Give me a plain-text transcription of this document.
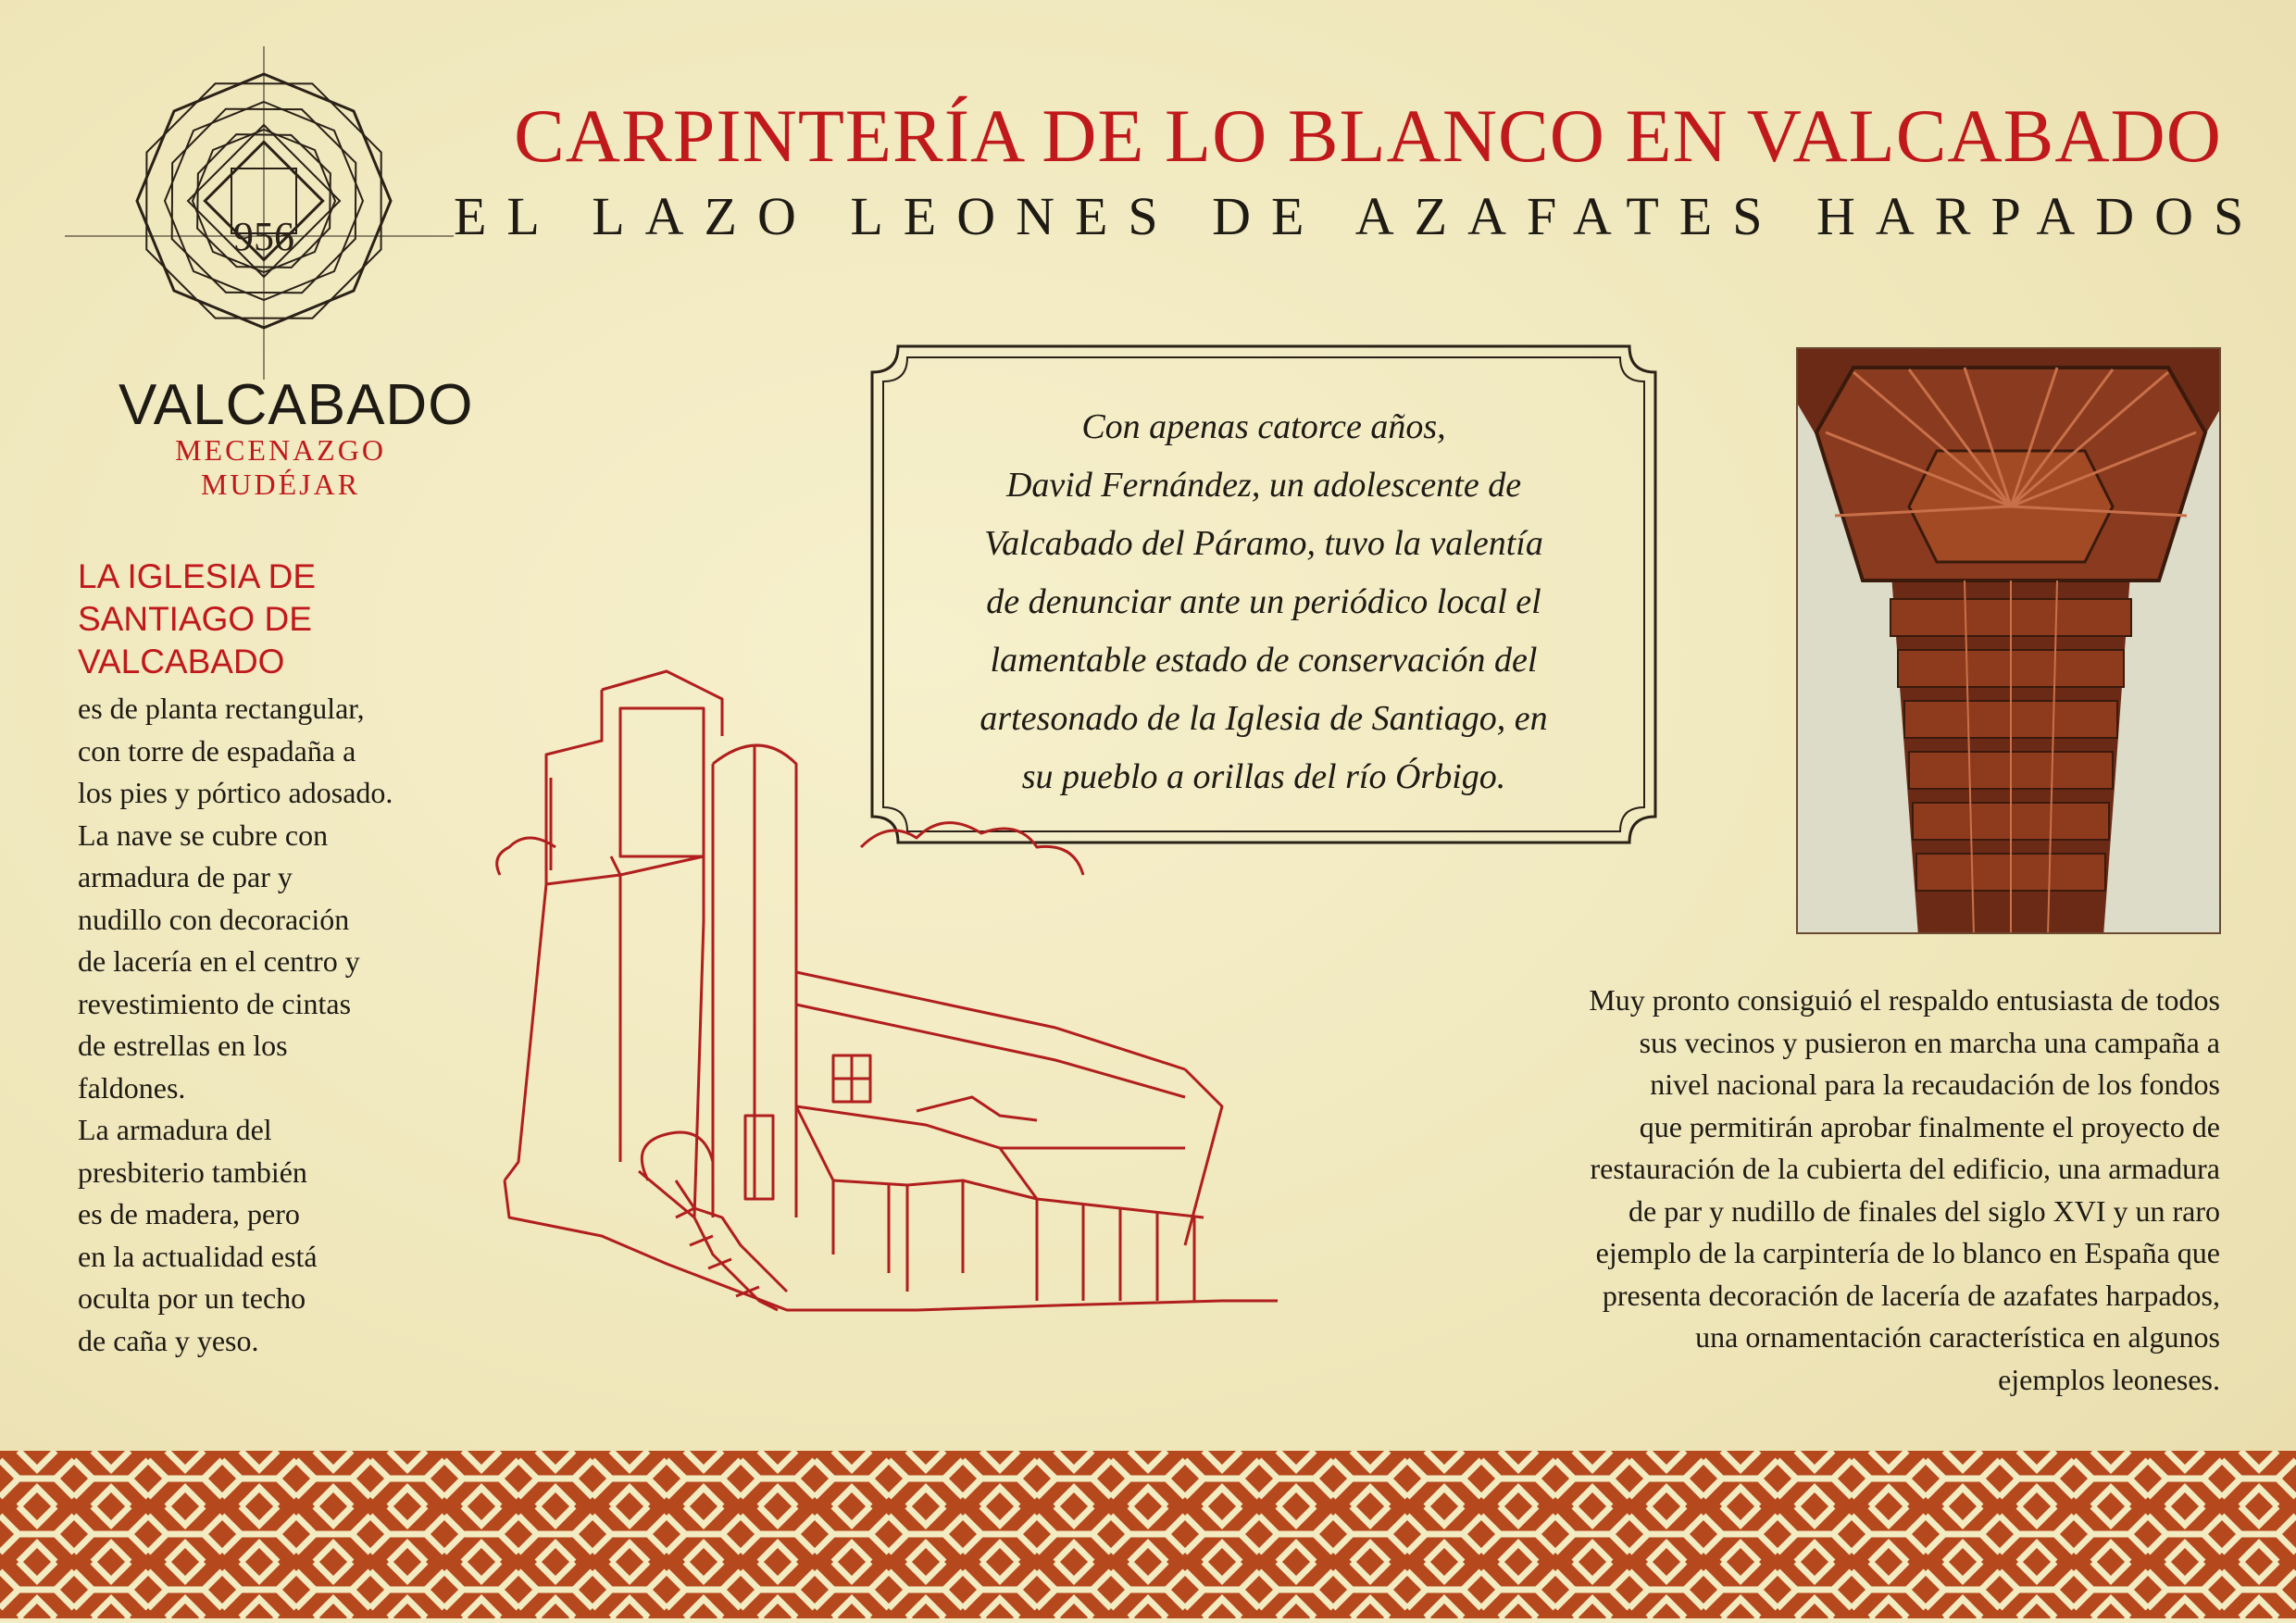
956
VALCABADO
MECENAZGO MUDÉJAR
CARPINTERÍA DE LO BLANCO EN VALCABADO
EL LAZO LEONES DE AZAFATES HARPADOS
LA IGLESIA DE
SANTIAGO DE
VALCABADO
es de planta rectangular,
con torre de espadaña a
los pies y pórtico adosado.
La nave se cubre con
armadura de par y
nudillo con decoración
de lacería en el centro y
revestimiento de cintas
de estrellas en los
faldones.
La armadura del
presbiterio también
es de madera, pero
en la actualidad está
oculta por un techo
de caña y yeso.
Con apenas catorce años,
David Fernández, un adolescente de
Valcabado del Páramo, tuvo la valentía
de denunciar ante un periódico local el
lamentable estado de conservación del
artesonado de la Iglesia de Santiago, en
su pueblo a orillas del río Órbigo.
Muy pronto consiguió el respaldo entusiasta de todos
sus vecinos y pusieron en marcha una campaña a
nivel nacional para la recaudación de los fondos
que permitirán aprobar finalmente el proyecto de
restauración de la cubierta del edificio, una armadura
de par y nudillo de finales del siglo XVI y un raro
ejemplo de la carpintería de lo blanco en España que
presenta decoración de lacería de azafates harpados,
una ornamentación característica en algunos
ejemplos leoneses.
